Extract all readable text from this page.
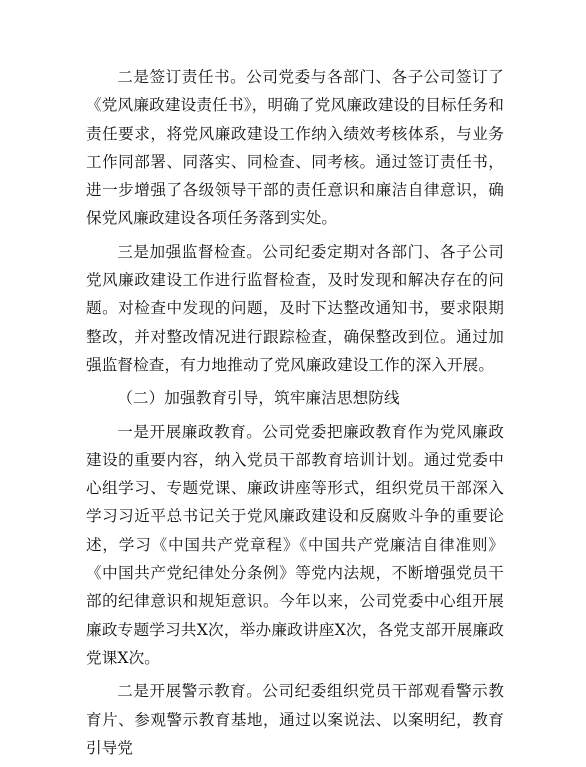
二是签订责任书。公司党委与各部门、各子公司签订了《党风廉政建设责任书》，明确了党风廉政建设的目标任务和责任要求，将党风廉政建设工作纳入绩效考核体系，与业务工作同部署、同落实、同检查、同考核。通过签订责任书，进一步增强了各级领导干部的责任意识和廉洁自律意识，确保党风廉政建设各项任务落到实处。

三是加强监督检查。公司纪委定期对各部门、各子公司党风廉政建设工作进行监督检查，及时发现和解决存在的问题。对检查中发现的问题，及时下达整改通知书，要求限期整改，并对整改情况进行跟踪检查，确保整改到位。通过加强监督检查，有力地推动了党风廉政建设工作的深入开展。

（二）加强教育引导，筑牢廉洁思想防线

一是开展廉政教育。公司党委把廉政教育作为党风廉政建设的重要内容，纳入党员干部教育培训计划。通过党委中心组学习、专题党课、廉政讲座等形式，组织党员干部深入学习习近平总书记关于党风廉政建设和反腐败斗争的重要论述，学习《中国共产党章程》《中国共产党廉洁自律准则》《中国共产党纪律处分条例》等党内法规，不断增强党员干部的纪律意识和规矩意识。今年以来，公司党委中心组开展廉政专题学习共X次，举办廉政讲座X次，各党支部开展廉政党课X次。

二是开展警示教育。公司纪委组织党员干部观看警示教育片、参观警示教育基地，通过以案说法、以案明纪，教育引导党
